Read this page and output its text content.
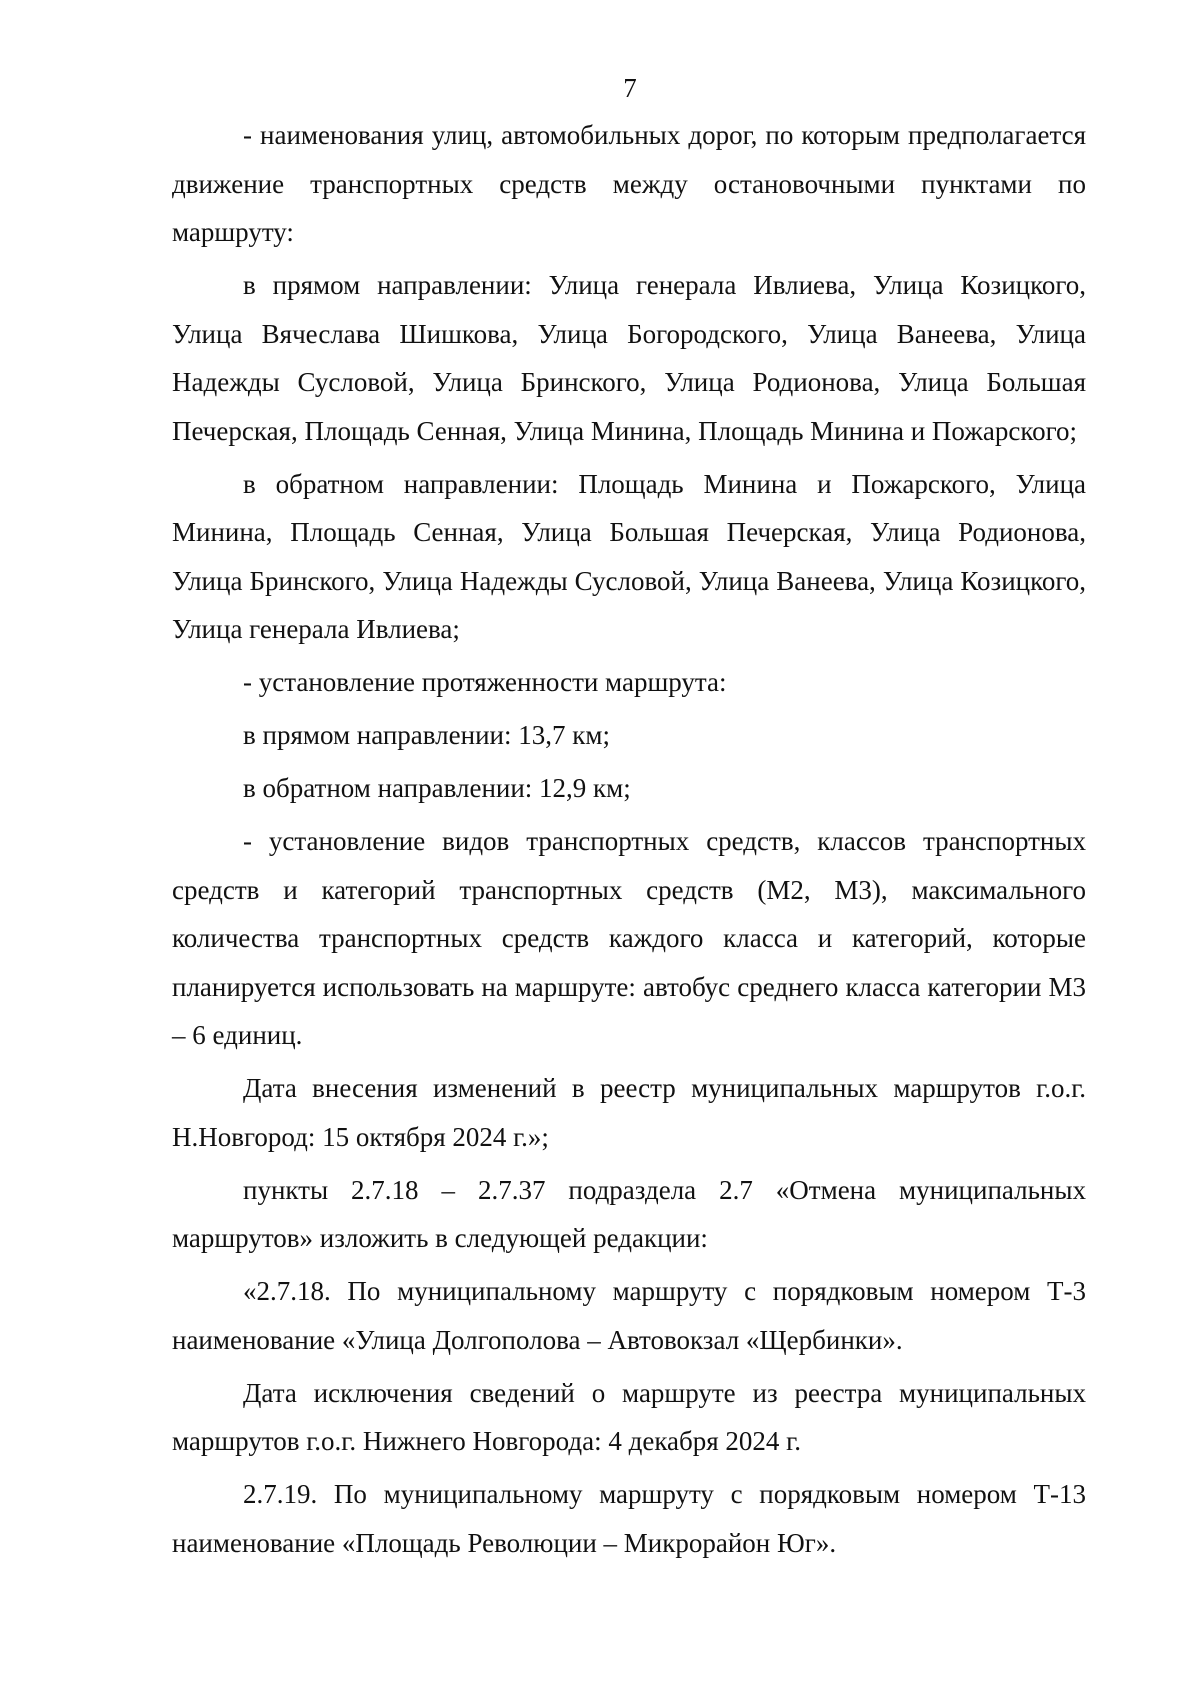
7

- наименования улиц, автомобильных дорог, по которым предполагается движение транспортных средств между остановочными пунктами по маршруту:

в прямом направлении: Улица генерала Ивлиева, Улица Козицкого, Улица Вячеслава Шишкова, Улица Богородского, Улица Ванеева, Улица Надежды Сусловой, Улица Бринского, Улица Родионова, Улица Большая Печерская, Площадь Сенная, Улица Минина, Площадь Минина и Пожарского;

в обратном направлении: Площадь Минина и Пожарского, Улица Минина, Площадь Сенная, Улица Большая Печерская, Улица Родионова, Улица Бринского, Улица Надежды Сусловой, Улица Ванеева, Улица Козицкого, Улица генерала Ивлиева;

- установление протяженности маршрута:

в прямом направлении: 13,7 км;

в обратном направлении: 12,9 км;

- установление видов транспортных средств, классов транспортных средств и категорий транспортных средств (М2, М3), максимального количества транспортных средств каждого класса и категорий, которые планируется использовать на маршруте: автобус среднего класса категории М3 – 6 единиц.

Дата внесения изменений в реестр муниципальных маршрутов г.о.г. Н.Новгород: 15 октября 2024 г.»;

пункты 2.7.18 – 2.7.37 подраздела 2.7 «Отмена муниципальных маршрутов» изложить в следующей редакции:

«2.7.18. По муниципальному маршруту с порядковым номером Т-3 наименование «Улица Долгополова – Автовокзал «Щербинки».

Дата исключения сведений о маршруте из реестра муниципальных маршрутов г.о.г. Нижнего Новгорода: 4 декабря 2024 г.

2.7.19. По муниципальному маршруту с порядковым номером Т-13 наименование «Площадь Революции – Микрорайон Юг».
